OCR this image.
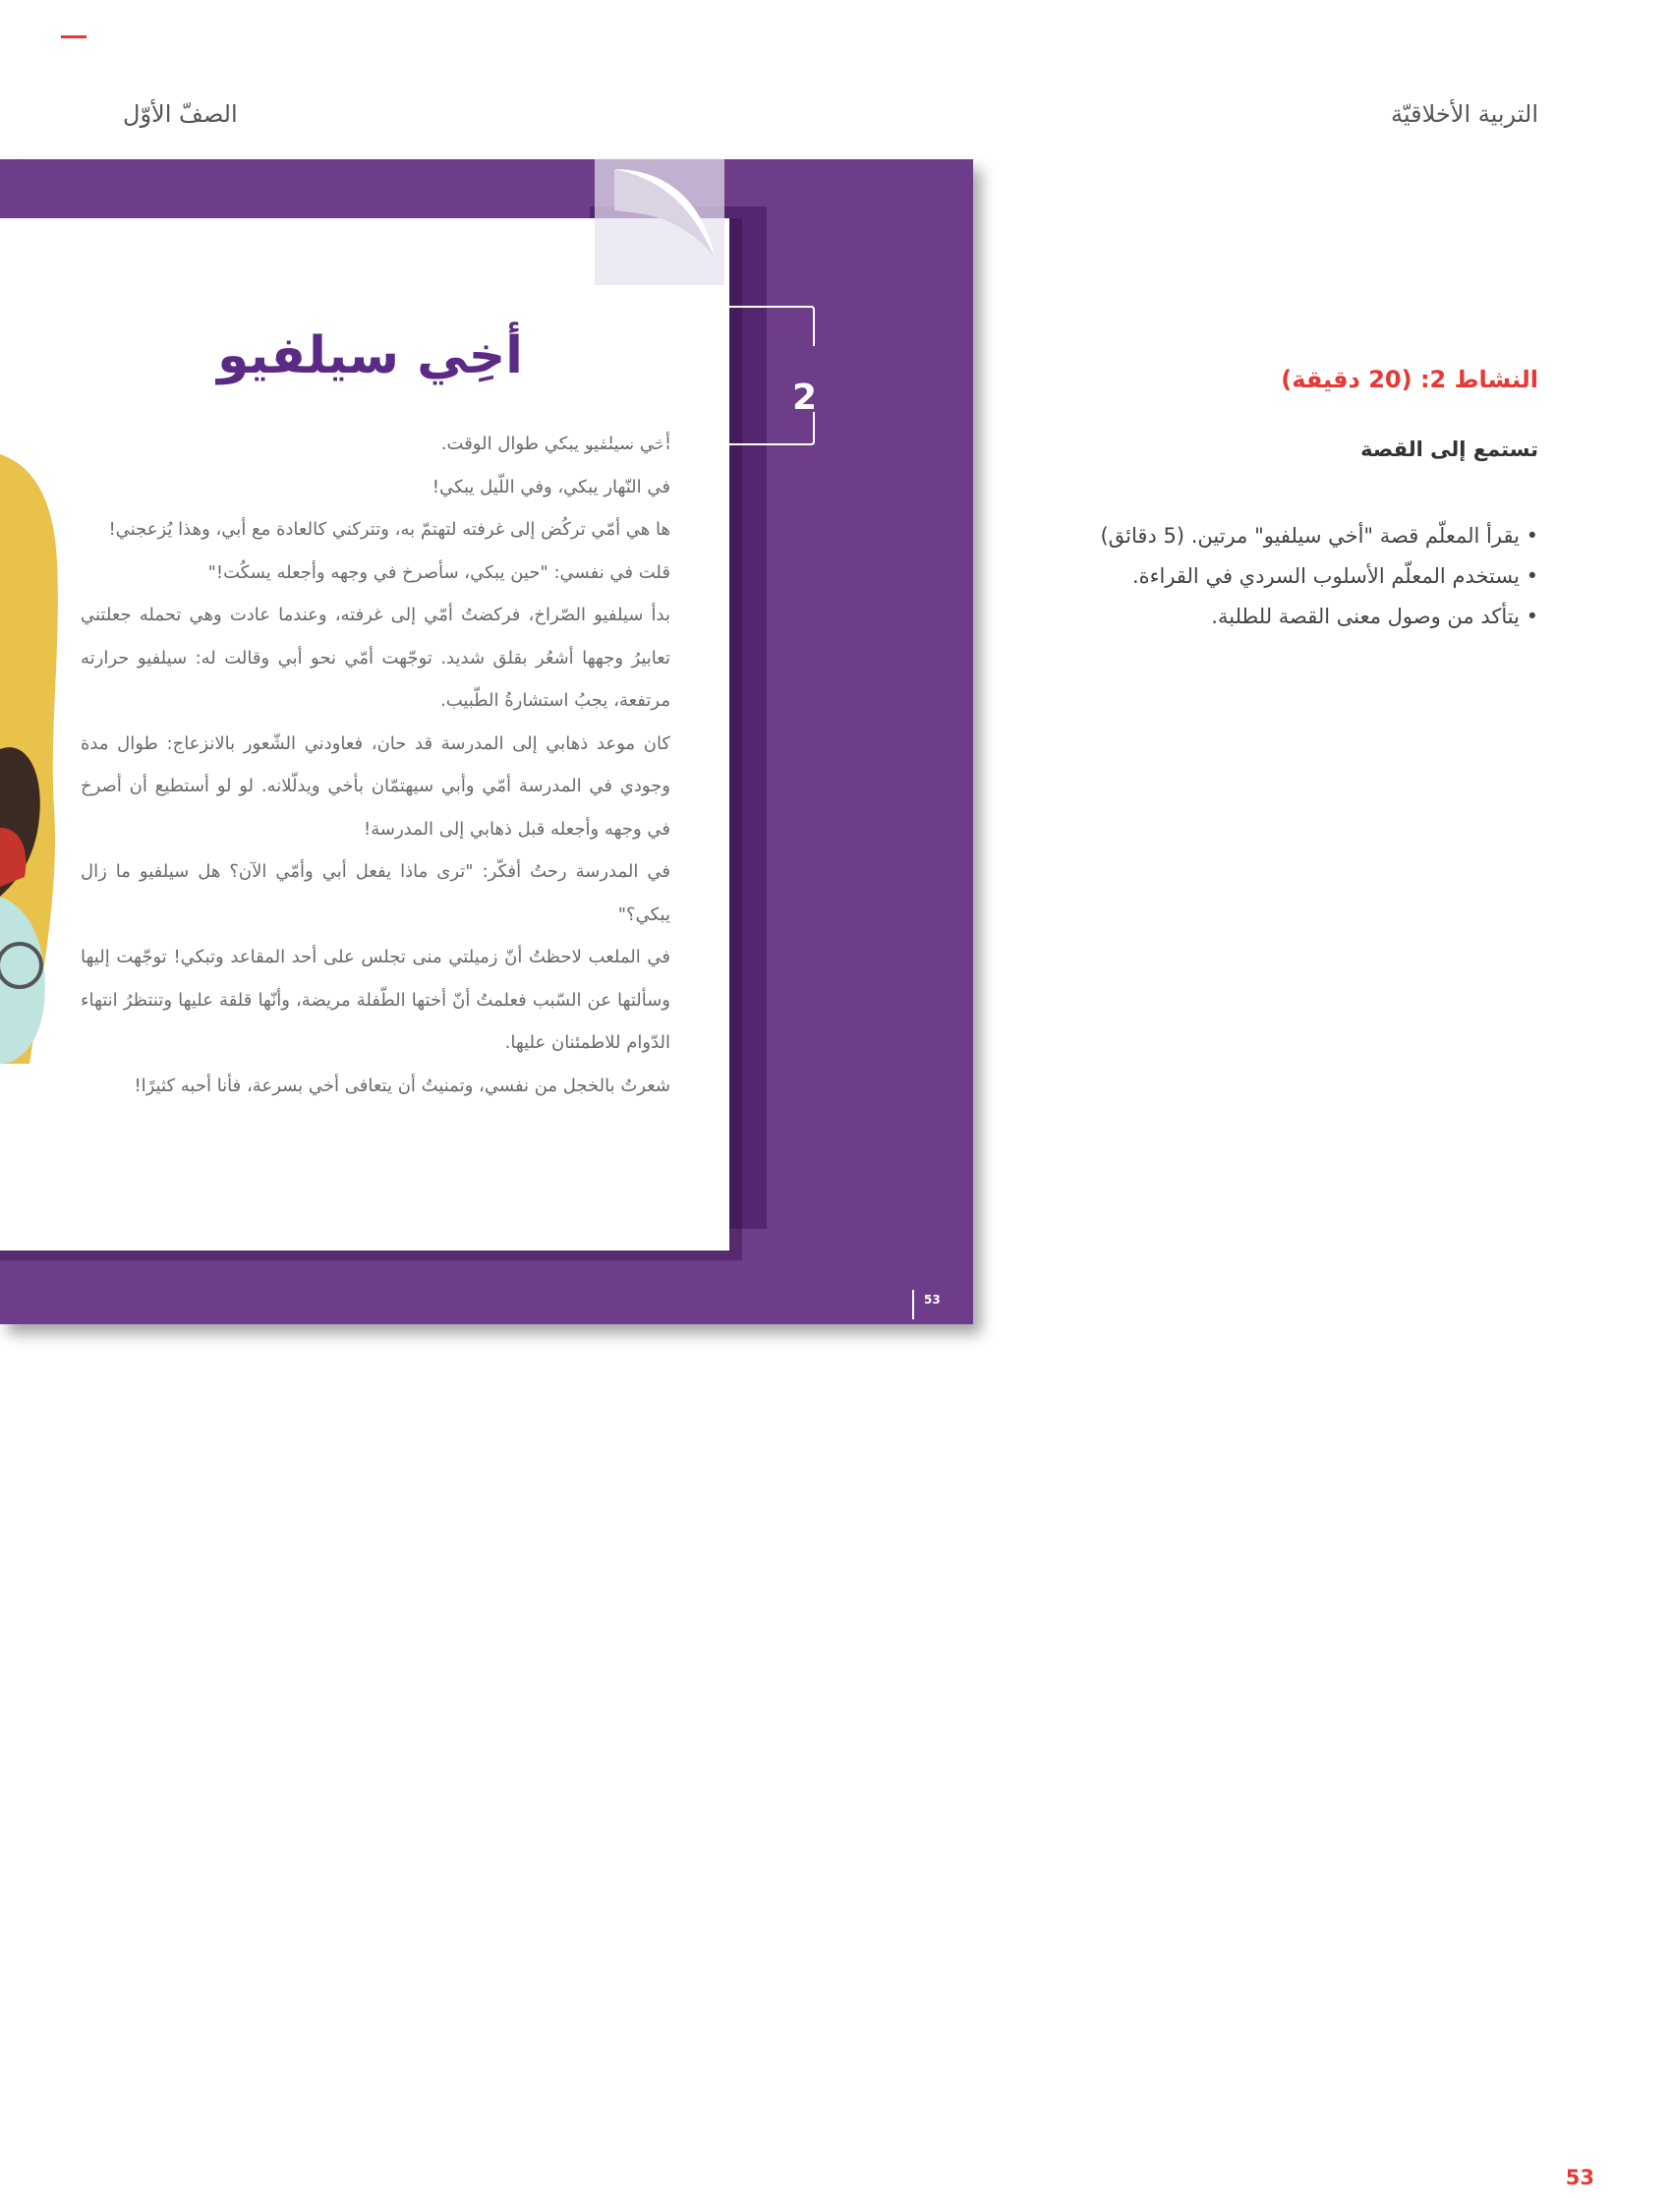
التربية الأخلاقيّة
الصفّ الأوّل
أخِي سيلفيو

أخي سيلفيو يبكي طوال الوقت.

في النّهار يبكي، وفي اللّيل يبكي!

ها هي أمّي تركُض إلى غرفته لتهتمّ به، وتتركني كالعادة مع أبي، وهذا يُزعجني!

قلت في نفسي: "حين يبكي، سأصرخ في وجهه وأجعله يسكُت!"

بدأ سيلفيو الصّراخ، فركضتُ أمّي إلى غرفته، وعندما عادت وهي تحمله جعلتني تعابيرُ وجهها أشعُر بقلق شديد. توجّهت أمّي نحو أبي وقالت له: سيلفيو حرارته مرتفعة، يجبُ استشارةُ الطّبيب.

كان موعد ذهابي إلى المدرسة قد حان، فعاودني الشّعور بالانزعاج: طوال مدة وجودي في المدرسة أمّي وأبي سيهتمّان بأخي ويدلّلانه. لو لو أستطيع أن أصرخ في وجهه وأجعله قبل ذهابي إلى المدرسة!

في المدرسة رحتُ أفكّر: "ترى ماذا يفعل أبي وأمّي الآن؟ هل سيلفيو ما زال يبكي؟"

في الملعب لاحظتُ أنّ زميلتي منى تجلس على أحد المقاعد وتبكي! توجّهت إليها وسألتها عن السّبب فعلمتُ أنّ أختها الطّفلة مريضة، وأنّها قلقة عليها وتنتظرُ انتهاء الدّوام للاطمئنان عليها.

شعرتُ بالخجل من نفسي، وتمنيتُ أن يتعافى أخي بسرعة، فأنا أحبه كثيرًا!

2
53
النشاط 2: (20 دقيقة)
تستمع إلى القصة
• يقرأ المعلّم قصة "أخي سيلفيو" مرتين. (5 دقائق)
• يستخدم المعلّم الأسلوب السردي في القراءة.
• يتأكد من وصول معنى القصة للطلبة.
53
